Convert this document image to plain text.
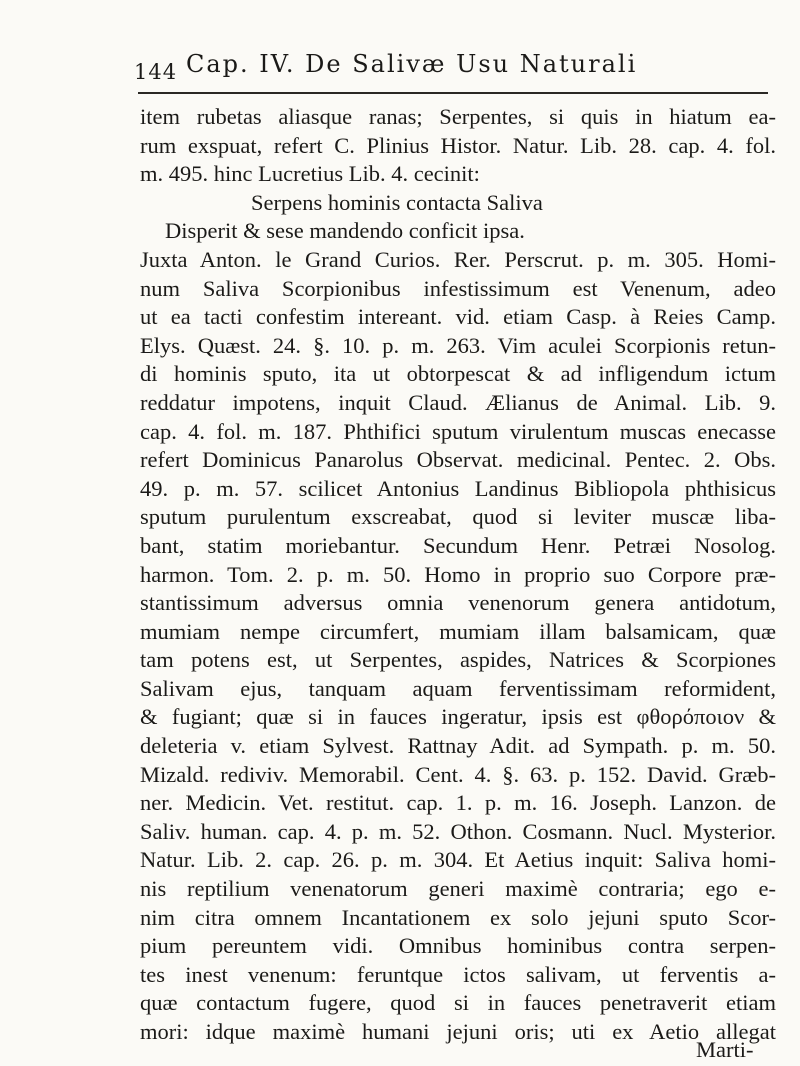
144 Cap. IV. De Salivæ Usu Naturali
item rubetas aliasque ranas; Serpentes, si quis in hiatum ea-
rum exspuat, refert C. Plinius Histor. Natur. Lib. 28. cap. 4. fol.
m. 495. hinc Lucretius Lib. 4. cecinit:
Serpens hominis contacta Saliva
Disperit & sese mandendo conficit ipsa.
Juxta Anton. le Grand Curios. Rer. Perscrut. p. m. 305. Homi-
num Saliva Scorpionibus infestissimum est Venenum, adeo
ut ea tacti confestim intereant. vid. etiam Casp. à Reies Camp.
Elys. Quæst. 24. §. 10. p. m. 263. Vim aculei Scorpionis retun-
di hominis sputo, ita ut obtorpescat & ad infligendum ictum
reddatur impotens, inquit Claud. Ælianus de Animal. Lib. 9.
cap. 4. fol. m. 187. Phthifici sputum virulentum muscas enecasse
refert Dominicus Panarolus Observat. medicinal. Pentec. 2. Obs.
49. p. m. 57. scilicet Antonius Landinus Bibliopola phthisicus
sputum purulentum exscreabat, quod si leviter muscæ liba-
bant, statim moriebantur. Secundum Henr. Petræi Nosolog.
harmon. Tom. 2. p. m. 50. Homo in proprio suo Corpore præ-
stantissimum adversus omnia venenorum genera antidotum,
mumiam nempe circumfert, mumiam illam balsamicam, quæ
tam potens est, ut Serpentes, aspides, Natrices & Scorpiones
Salivam ejus, tanquam aquam ferventissimam reformident,
& fugiant; quæ si in fauces ingeratur, ipsis est φθορόποιον &
deleteria v. etiam Sylvest. Rattnay Adit. ad Sympath. p. m. 50.
Mizald. rediviv. Memorabil. Cent. 4. §. 63. p. 152. David. Græb-
ner. Medicin. Vet. restitut. cap. 1. p. m. 16. Joseph. Lanzon. de
Saliv. human. cap. 4. p. m. 52. Othon. Cosmann. Nucl. Mysterior.
Natur. Lib. 2. cap. 26. p. m. 304. Et Aetius inquit: Saliva homi-
nis reptilium venenatorum generi maximè contraria; ego e-
nim citra omnem Incantationem ex solo jejuni sputo Scor-
pium pereuntem vidi. Omnibus hominibus contra serpen-
tes inest venenum: feruntque ictos salivam, ut ferventis a-
quæ contactum fugere, quod si in fauces penetraverit etiam
mori: idque maximè humani jejuni oris; uti ex Aetio allegat
Marti-
